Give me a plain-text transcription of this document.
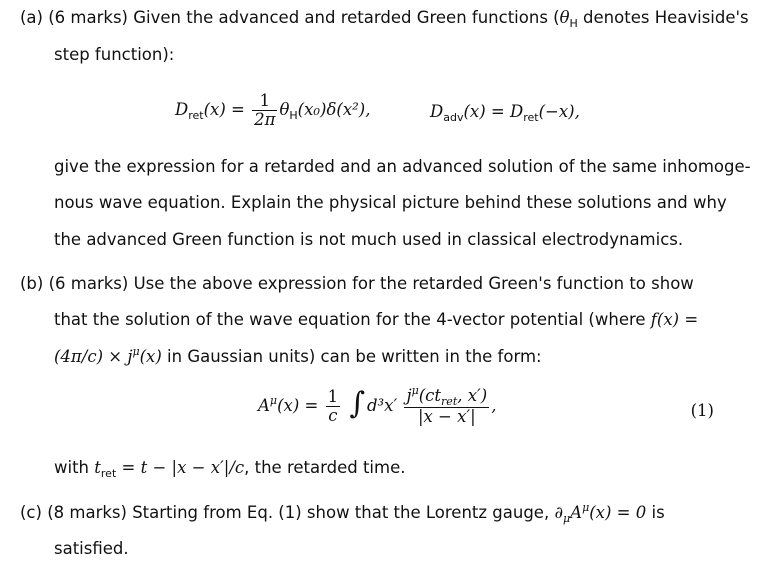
(a) (6 marks) Given the advanced and retarded Green functions ($\theta_H$ denotes Heaviside's
step function):
$D_{ret}(x) = \frac{1}{2\pi} \theta_H(x_0)\delta(x^2)$,	$D_{adv}(x) = D_{ret}(-x)$,
give the expression for a retarded and an advanced solution of the same inhomoge-
nous wave equation. Explain the physical picture behind these solutions and why
the advanced Green function is not much used in classical electrodynamics.
(b) (6 marks) Use the above expression for the retarded Green's function to show
that the solution of the wave equation for the 4-vector potential (where f(x) =
$(4\pi/c) \times j^\mu(x)$ in Gaussian units) can be written in the form:
$A^\mu(x) = \frac{1}{c}$ ∫ $d^3x' \frac{j^\mu(ct_{ret}, x')}{|x - x'|}$ ,	(1)
with $t_{ret} = t - |x - x'|/c$, the retarded time.
(c) (8 marks) Starting from Eq. (1) show that the Lorentz gauge, $\partial_\mu A^\mu(x) = 0$ is
satisfied.
